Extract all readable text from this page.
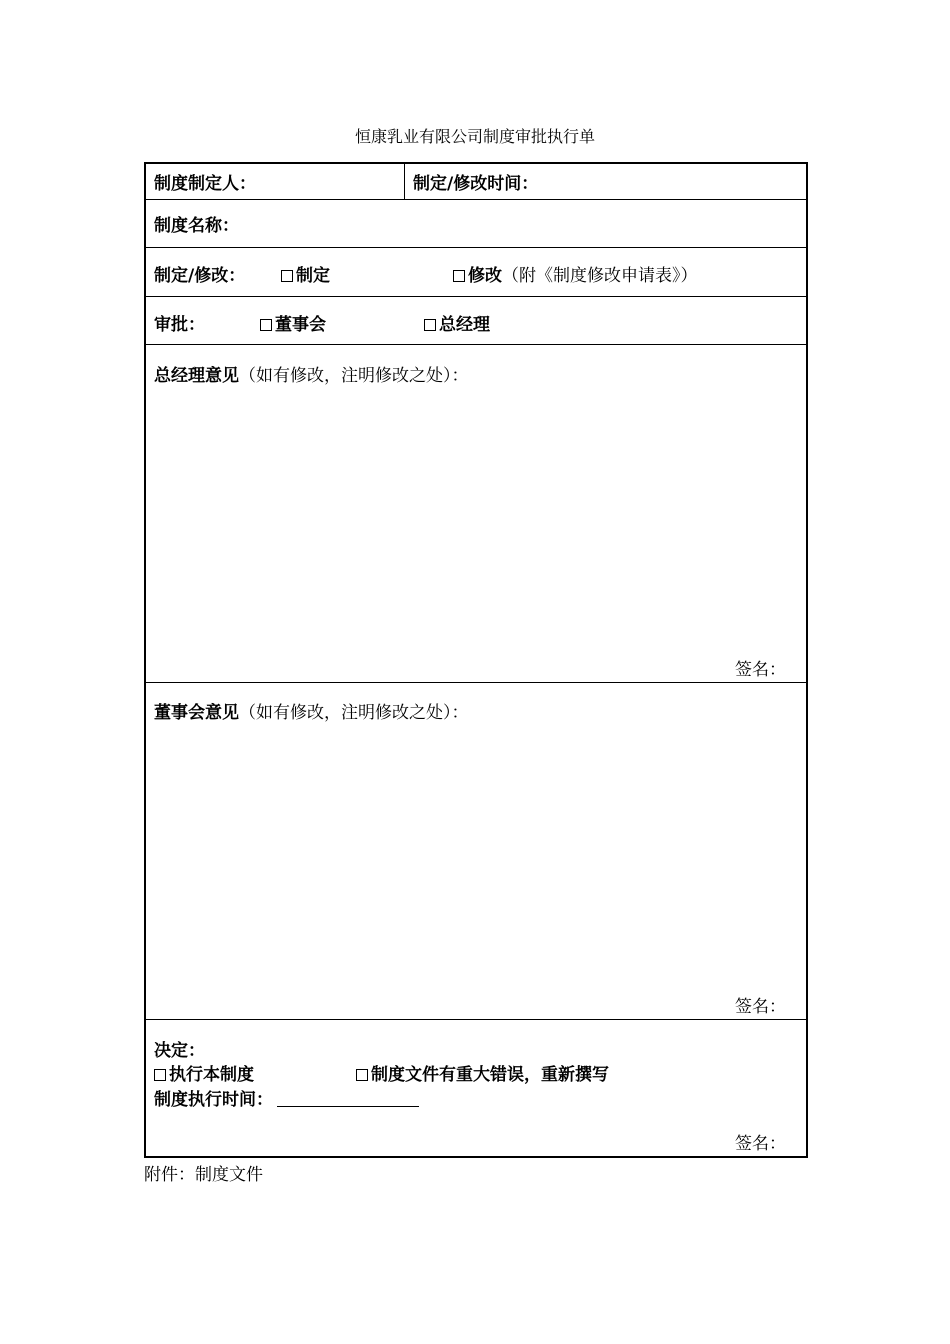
恒康乳业有限公司制度审批执行单
制度制定人：	制定/修改时间：
制度名称：
制定/修改：	制定	修改（附《制度修改申请表》）
审批：	董事会	总经理
总经理意见（如有修改，注明修改之处）：
签名：
董事会意见（如有修改，注明修改之处）：
签名：
决定：
执行本制度	制度文件有重大错误，重新撰写
制度执行时间：
签名：
附件：制度文件
